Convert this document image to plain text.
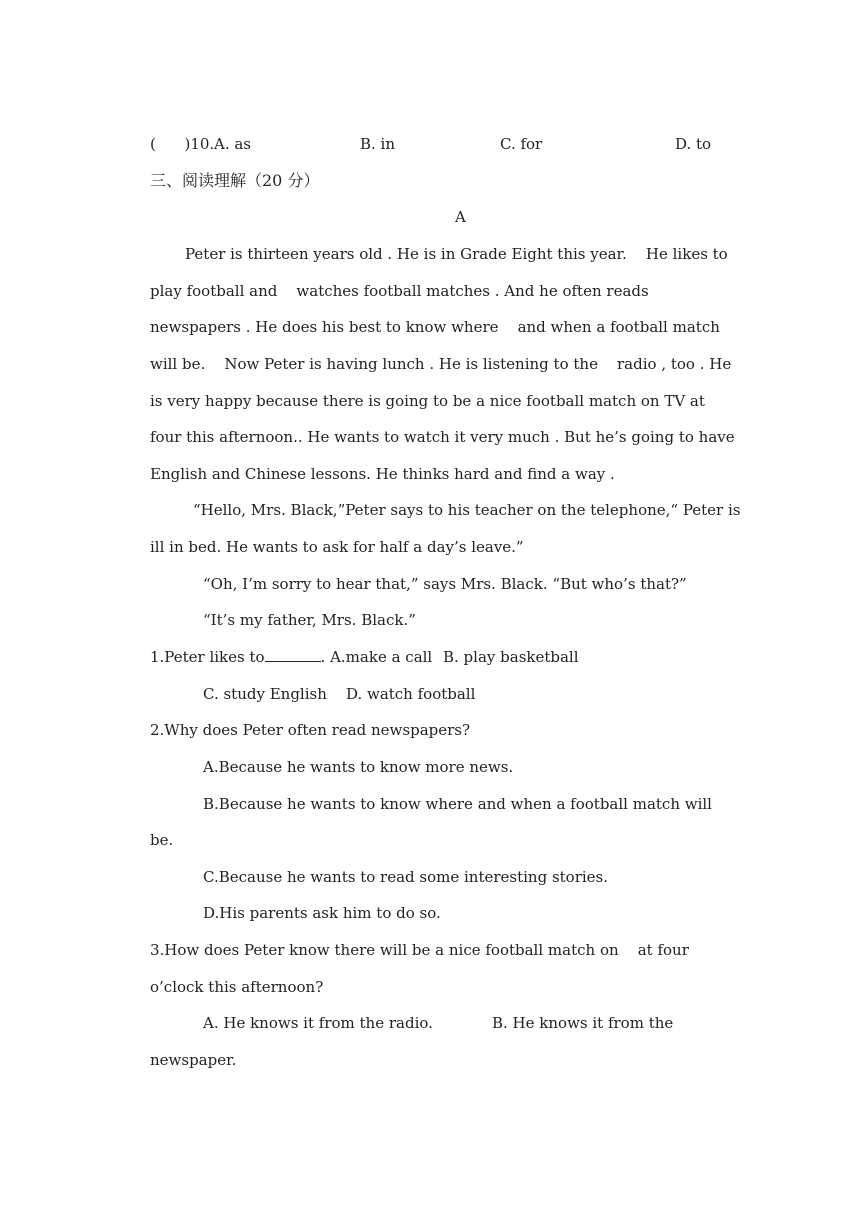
(      )10. A. as	B. in	C. for	D. to
三、阅读理解（20 分）
A
Peter is thirteen years old . He is in Grade Eight this year.    He likes to
play football and    watches football matches . And he often reads
newspapers . He does his best to know where    and when a football match
will be.    Now Peter is having lunch . He is listening to the    radio , too . He
is very happy because there is going to be a nice football match on TV at
four this afternoon.. He wants to watch it very much . But he’s going to have
English and Chinese lessons. He thinks hard and find a way .
“Hello, Mrs. Black,”Peter says to his teacher on the telephone,“ Peter is
ill in bed. He wants to ask for half a day’s leave.”
“Oh, I’m sorry to hear that,” says Mrs. Black. “But who’s that?”
“It’s my father, Mrs. Black.”
1.Peter likes to	. A.make a call B. play basketball
C. study English    D. watch football
2.Why does Peter often read newspapers?
A.Because he wants to know more news.
B.Because he wants to know where and when a football match will
be.
C.Because he wants to read some interesting stories.
D.His parents ask him to do so.
3.How does Peter know there will be a nice football match on    at four
o’clock this afternoon?
A. He knows it from the radio.	B. He knows it from the
newspaper.
